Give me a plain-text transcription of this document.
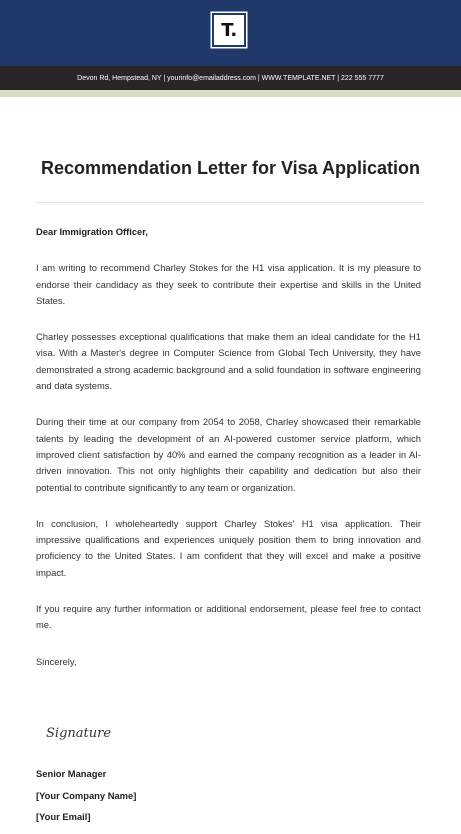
T.
Devon Rd, Hempstead, NY | yourinfo@emailaddress.com | WWW.TEMPLATE.NET | 222 555 7777
Recommendation Letter for Visa Application

Dear Immigration Officer,

I am writing to recommend Charley Stokes for the H1 visa application. It is my pleasure to endorse their candidacy as they seek to contribute their expertise and skills in the United States.

Charley possesses exceptional qualifications that make them an ideal candidate for the H1 visa. With a Master's degree in Computer Science from Global Tech University, they have demonstrated a strong academic background and a solid foundation in software engineering and data systems.

During their time at our company from 2054 to 2058, Charley showcased their remarkable talents by leading the development of an AI-powered customer service platform, which improved client satisfaction by 40% and earned the company recognition as a leader in AI-driven innovation. This not only highlights their capability and dedication but also their potential to contribute significantly to any team or organization.

In conclusion, I wholeheartedly support Charley Stokes' H1 visa application. Their impressive qualifications and experiences uniquely position them to bring innovation and proficiency to the United States. I am confident that they will excel and make a positive impact.

If you require any further information or additional endorsement, please feel free to contact me.

Sincerely,

Signature
Senior Manager
[Your Company Name]
[Your Email]
